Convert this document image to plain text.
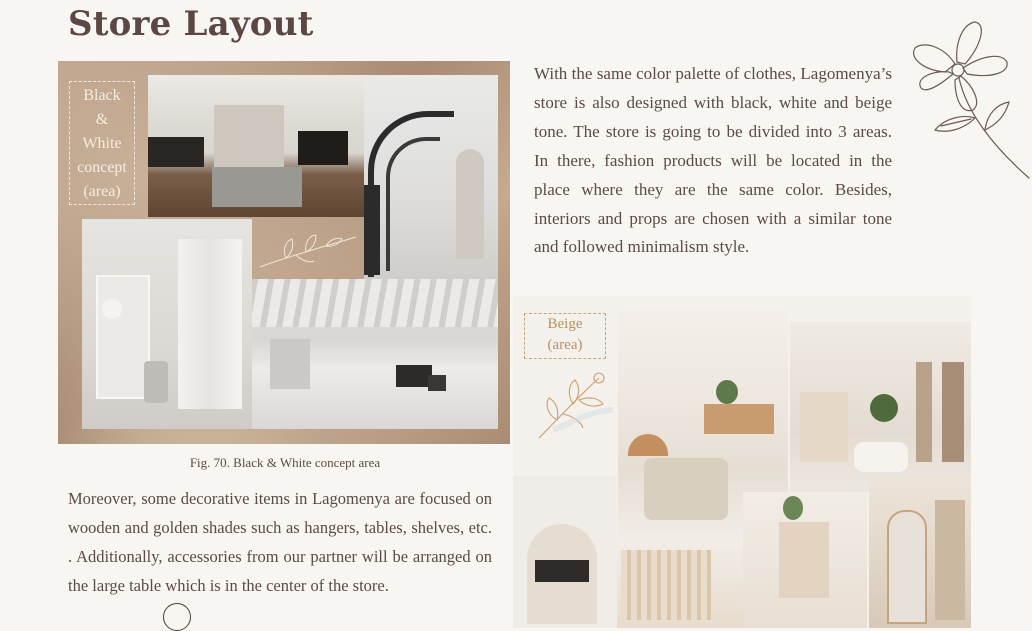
Store Layout
With the same color palette of clothes, Lagomenya’s store is also designed with black, white and beige tone. The store is going to be divided into 3 areas. In there, fashion products will be located in the place where they are the same color. Besides, interiors and props are chosen with a similar tone and followed minimalism style.
Black
&
White
concept
(area)
Fig. 70. Black & White concept area
Moreover, some decorative items in Lagomenya are focused on wooden and golden shades such as hangers, tables, shelves, etc. . Additionally, accessories from our partner will be arranged on the large table which is in the center of the store.
Beige
(area)
